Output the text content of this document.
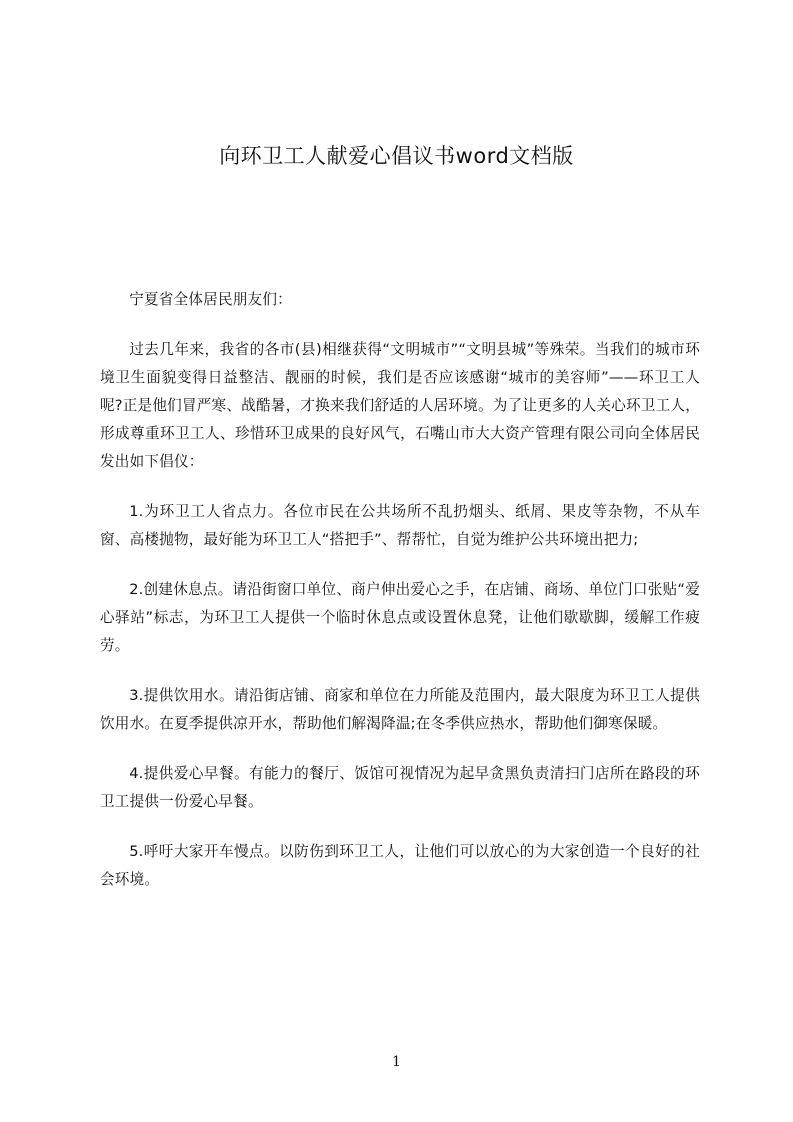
向环卫工人献爱心倡议书word文档版

宁夏省全体居民朋友们：

过去几年来，我省的各市(县)相继获得“文明城市”“文明县城”等殊荣。当我们的城市环境卫生面貌变得日益整洁、靓丽的时候，我们是否应该感谢“城市的美容师”——环卫工人呢?正是他们冒严寒、战酷暑，才换来我们舒适的人居环境。为了让更多的人关心环卫工人，形成尊重环卫工人、珍惜环卫成果的良好风气，石嘴山市大大资产管理有限公司向全体居民发出如下倡仪：

1.为环卫工人省点力。各位市民在公共场所不乱扔烟头、纸屑、果皮等杂物，不从车窗、高楼抛物，最好能为环卫工人“搭把手”、帮帮忙，自觉为维护公共环境出把力;

2.创建休息点。请沿街窗口单位、商户伸出爱心之手，在店铺、商场、单位门口张贴“爱心驿站”标志，为环卫工人提供一个临时休息点或设置休息凳，让他们歇歇脚，缓解工作疲劳。

3.提供饮用水。请沿街店铺、商家和单位在力所能及范围内，最大限度为环卫工人提供饮用水。在夏季提供凉开水，帮助他们解渴降温;在冬季供应热水，帮助他们御寒保暖。

4.提供爱心早餐。有能力的餐厅、饭馆可视情况为起早贪黑负责清扫门店所在路段的环卫工提供一份爱心早餐。

5.呼吁大家开车慢点。以防伤到环卫工人，让他们可以放心的为大家创造一个良好的社会环境。

1
